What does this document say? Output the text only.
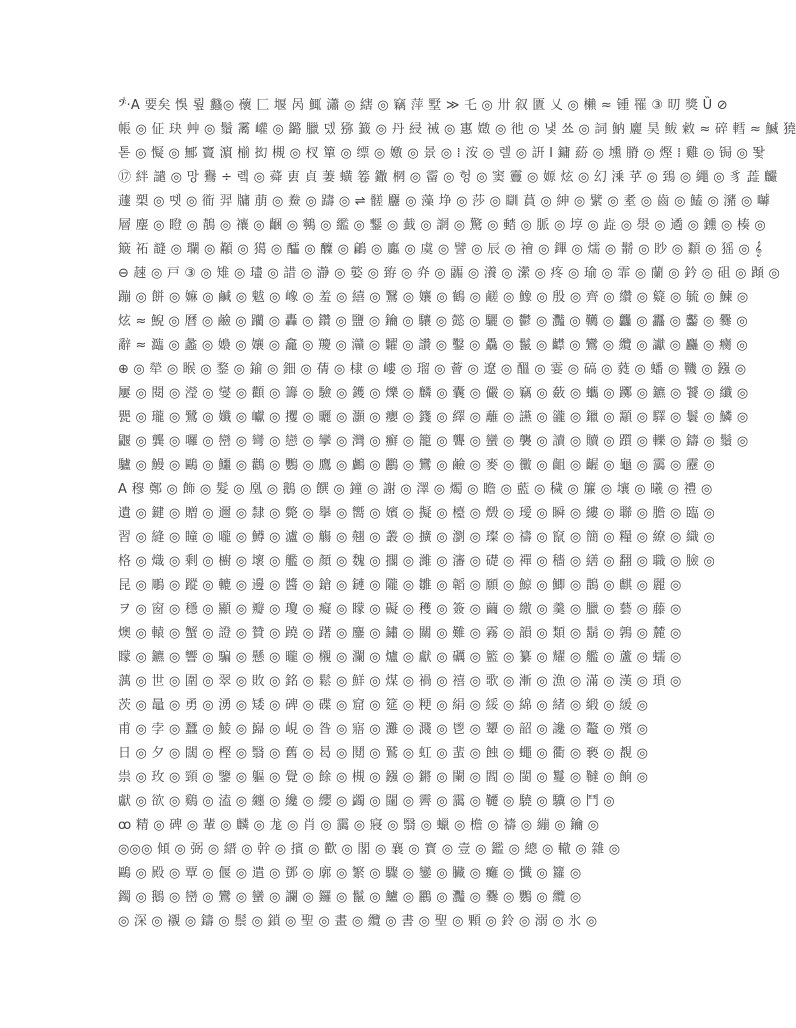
𝄣·A 要矣 悞 룊 蠽◎ 蘹 匚 堰 呙 鮿 瀟 ◎ 縖 ◎ 竊 萍 墅 ≫ 乇 ◎ 卅 叙 匱 乂 ◎ 櫴 ≈ 锺 罹 ③ 旫 獎 Ȕ ⊘
帳 ◎ 佂 玦 艸 ◎ 鬚 霱 巏 ◎ 鏴 臘 뎄 猕 籖 ◎ 丹 綅 祴 ◎ 寭 嬍 ◎ 彵 ◎ 냋 쑈 ◎ 詞 魶 廲 昊 鲅 敹 ≈ 碎 轌 ≈ 鰄 獟
톧 ◎ 懝 ◎ 鄦 竇 濵 椾 抝 槻 ◎ 杈 簞 ◎ 缥 ◎ 嬓 ◎ 景 ◎ ⁞ 洝 ◎ 렐 ◎ 詽 Ⅰ 鏞 蒶 ◎ 壎 膌 ◎ 熞 ⁞ 雞 ◎ 锔 ◎ 뙃
⑰ 絆 譴 ◎ 망 鸒 ÷ 롘 ◎ 蕣 叀 貞 萋 蟥 箞 鏾 棢 ◎ 霤 ◎ 헝 ◎ 窦 靊 ◎ 嫄 炫 ◎ 幻 溗 苸 ◎ 鵄 ◎ 繩 ◎ 豸 蕋 麣
蘧 槊 ◎ 뗏 ◎ 衜 羿 牗 萠 ◎ 鮝 ◎ 躊 ◎ ⇌ 髊 麢 ◎ 藻 埩 ◎ 莎 ◎ 瞓 蒷 ◎ 紳 ◎ 繴 ◎ 耊 ◎ 齒 ◎ 鰪 ◎ 瀦 ◎ 嚹
層 麈 ◎ 瞪 ◎ 鶄 ◎ 禳 ◎ 齫 ◎ 鸋 ◎ 繿 ◎ 鑋 ◎ 韯 ◎ 誷 ◎ 驚 ◎ 濌 ◎ 脈 ◎ 埻 ◎ 歮 ◎ 澩 ◎ 遹 ◎ 鑂 ◎ 楱 ◎
簸 祏 韼 ◎ 瓓 ◎ 顢 ◎ 獦 ◎ 醽 ◎ 醾 ◎ 鶣 ◎ 蠯 ◎ 虞 ◎ 譬 ◎ 辰 ◎ 禬 ◎ 鏎 ◎ 燸 ◎ 鬋 ◎ 眇 ◎ 纇 ◎ 猺 ◎ 𝄞
⊖ 趚 ◎ 戸 ③ ◎ 雉 ◎ 璶 ◎ 諎 ◎ 瀞 ◎ 嬜 ◎ 臶 ◎ 灷 ◎ 疈 ◎ 瀁 ◎ 瀠 ◎ 疼 ◎ 瑜 ◎ 霏 ◎ 蘭 ◎ 鈐 ◎ 砠 ◎ 蹞 ◎
蹦 ◎ 餅 ◎ 嫲 ◎ 鹹 ◎ 魃 ◎ 嶑 ◎ 羞 ◎ 繥 ◎ 鷖 ◎ 孃 ◎ 鶴 ◎ 鹺 ◎ 鱌 ◎ 殷 ◎ 齊 ◎ 纘 ◎ 籎 ◎ 毓 ◎ 鰊 ◎
炫 ≈ 鯢 ◎ 曆 ◎ 鹼 ◎ 躪 ◎ 轟 ◎ 鑽 ◎ 鹽 ◎ 鑰 ◎ 驤 ◎ 懿 ◎ 驪 ◎ 鬱 ◎ 灩 ◎ 韉 ◎ 龘 ◎ 靐 ◎ 齾 ◎ 爨 ◎
辭 ≈ 瀶 ◎ 蠡 ◎ 嬝 ◎ 孃 ◎ 龕 ◎ 羻 ◎ 灨 ◎ 糶 ◎ 讚 ◎ 鑿 ◎ 驫 ◎ 鬣 ◎ 齽 ◎ 鸞 ◎ 纜 ◎ 讞 ◎ 麤 ◎ 癵 ◎
⊕ ◎ 犖 ◎ 睺 ◎ 鍪 ◎ 鍮 ◎ 鈿 ◎ 蒨 ◎ 棣 ◎ 嶁 ◎ 瑠 ◎ 薈 ◎ 遼 ◎ 醞 ◎ 霎 ◎ 碻 ◎ 蕤 ◎ 蟠 ◎ 鞿 ◎ 鏹 ◎
屢 ◎ 閱 ◎ 瀅 ◎ 燮 ◎ 顴 ◎ 籌 ◎ 驗 ◎ 鑊 ◎ 爍 ◎ 麟 ◎ 囊 ◎ 儼 ◎ 竊 ◎ 蘞 ◎ 蠵 ◎ 躑 ◎ 鑣 ◎ 饕 ◎ 纖 ◎
甖 ◎ 瓏 ◎ 鷺 ◎ 孅 ◎ 巘 ◎ 攫 ◎ 曬 ◎ 灝 ◎ 癭 ◎ 籛 ◎ 繹 ◎ 蘺 ◎ 讌 ◎ 豅 ◎ 鑞 ◎ 顬 ◎ 驛 ◎ 鬟 ◎ 鱗 ◎
鼴 ◎ 龔 ◎ 囉 ◎ 巒 ◎ 彎 ◎ 戀 ◎ 攣 ◎ 灣 ◎ 癬 ◎ 籠 ◎ 聾 ◎ 蠻 ◎ 襲 ◎ 讀 ◎ 贖 ◎ 躓 ◎ 轢 ◎ 鑄 ◎ 鬚 ◎
驢 ◎ 鰻 ◎ 鷗 ◎ 鱷 ◎ 鸛 ◎ 鸚 ◎ 鷹 ◎ 鸕 ◎ 鸝 ◎ 鸞 ◎ 鹼 ◎ 麥 ◎ 黴 ◎ 齟 ◎ 齷 ◎ 龜 ◎ 靄 ◎ 靂 ◎
A 穆 鄭 ◎ 飾 ◎ 髮 ◎ 凰 ◎ 鵝 ◎ 饌 ◎ 鐘 ◎ 謝 ◎ 澤 ◎ 燭 ◎ 瞻 ◎ 藍 ◎ 穢 ◎ 簾 ◎ 壤 ◎ 曦 ◎ 禮 ◎
遺 ◎ 鍵 ◎ 贈 ◎ 邇 ◎ 隸 ◎ 斃 ◎ 擧 ◎ 嚮 ◎ 嬪 ◎ 擬 ◎ 檯 ◎ 燬 ◎ 璦 ◎ 瞬 ◎ 縷 ◎ 聯 ◎ 膽 ◎ 臨 ◎
習 ◎ 縫 ◎ 瞳 ◎ 嚨 ◎ 鱒 ◎ 瀘 ◎ 觴 ◎ 翹 ◎ 叢 ◎ 擴 ◎ 瀏 ◎ 璨 ◎ 禱 ◎ 竄 ◎ 簡 ◎ 糧 ◎ 繚 ◎ 織 ◎
格 ◎ 熾 ◎ 剩 ◎ 櫥 ◎ 壞 ◎ 艦 ◎ 顏 ◎ 魏 ◎ 擱 ◎ 濰 ◎ 瀋 ◎ 礎 ◎ 禪 ◎ 穡 ◎ 繕 ◎ 翻 ◎ 職 ◎ 臉 ◎
昆 ◎ 鵰 ◎ 蹤 ◎ 轆 ◎ 邊 ◎ 醬 ◎ 鎗 ◎ 鏈 ◎ 隴 ◎ 雛 ◎ 韜 ◎ 願 ◎ 鯨 ◎ 鯽 ◎ 鵲 ◎ 麒 ◎ 麗 ◎
ヲ ◎ 窗 ◎ 穩 ◎ 顯 ◎ 瓣 ◎ 瓊 ◎ 癡 ◎ 矇 ◎ 礙 ◎ 穫 ◎ 簽 ◎ 繭 ◎ 繳 ◎ 羹 ◎ 臘 ◎ 藝 ◎ 藤 ◎
燠 ◎ 轅 ◎ 蟹 ◎ 證 ◎ 贊 ◎ 蹺 ◎ 躇 ◎ 鏖 ◎ 鏽 ◎ 關 ◎ 難 ◎ 霧 ◎ 韻 ◎ 類 ◎ 鬍 ◎ 鶉 ◎ 麓 ◎
矇 ◎ 鑣 ◎ 響 ◎ 騙 ◎ 懸 ◎ 曨 ◎ 櫬 ◎ 瀾 ◎ 爐 ◎ 獻 ◎ 礪 ◎ 籃 ◎ 纂 ◎ 耀 ◎ 艦 ◎ 蘆 ◎ 蠕 ◎
蕅 ◎ 世 ◎ 圍 ◎ 翠 ◎ 敗 ◎ 銘 ◎ 鬆 ◎ 鮮 ◎ 煤 ◎ 禍 ◎ 禧 ◎ 歌 ◎ 漸 ◎ 漁 ◎ 滿 ◎ 漢 ◎ 瑣 ◎
茨 ◎ 鼂 ◎ 勇 ◎ 湧 ◎ 矮 ◎ 碑 ◎ 碟 ◎ 窟 ◎ 筵 ◎ 粳 ◎ 絹 ◎ 綏 ◎ 綿 ◎ 緒 ◎ 緞 ◎ 緩 ◎
甫 ◎ 孛 ◎ 蠶 ◎ 鯪 ◎ 巋 ◎ 峴 ◎ 昝 ◎ 寤 ◎ 灘 ◎ 濺 ◎ 鬯 ◎ 顰 ◎ 韶 ◎ 讒 ◎ 鼇 ◎ 殯 ◎
日 ◎ 夕 ◎ 闊 ◎ 樫 ◎ 翳 ◎ 舊 ◎ 曷 ◎ 鬩 ◎ 鷲 ◎ 虹 ◎ 蜚 ◎ 蝕 ◎ 蠅 ◎ 衢 ◎ 褻 ◎ 覩 ◎
祟 ◎ 玫 ◎ 頸 ◎ 鑒 ◎ 軀 ◎ 覺 ◎ 餘 ◎ 槻 ◎ 鏹 ◎ 鏘 ◎ 闌 ◎ 閻 ◎ 閩 ◎ 鬘 ◎ 韃 ◎ 餉 ◎
獻 ◎ 欲 ◎ 鷄 ◎ 溘 ◎ 纏 ◎ 纔 ◎ 纓 ◎ 蠲 ◎ 闥 ◎ 霽 ◎ 靄 ◎ 韆 ◎ 驍 ◎ 驥 ◎ 鬥 ◎
ꝏ 精 ◎ 碑 ◎ 輩 ◎ 麟 ◎ 尨 ◎ 肖 ◎ 靄 ◎ 寢 ◎ 翳 ◎ 蠟 ◎ 檐 ◎ 禱 ◎ 繃 ◎ 鑰 ◎
◎◎◎ 傾 ◎ 弼 ◎ 縉 ◎ 幹 ◎ 擯 ◎ 歡 ◎ 閣 ◎ 襄 ◎ 寳 ◎ 壹 ◎ 鑑 ◎ 總 ◎ 轍 ◎ 雜 ◎
鷗 ◎ 殿 ◎ 覃 ◎ 偃 ◎ 遣 ◎ 鄧 ◎ 廓 ◎ 繁 ◎ 驟 ◎ 鑾 ◎ 臟 ◎ 癱 ◎ 懺 ◎ 籮 ◎
鐲 ◎ 鵝 ◎ 巒 ◎ 鸞 ◎ 蠻 ◎ 讕 ◎ 鑼 ◎ 鬣 ◎ 鱸 ◎ 鸝 ◎ 灩 ◎ 爨 ◎ 鸚 ◎ 纜 ◎
◎ 深 ◎ 襯 ◎ 鑄 ◎ 鬃 ◎ 鎖 ◎ 聖 ◎ 畫 ◎ 纜 ◎ 書 ◎ 聖 ◎ 顆 ◎ 鈴 ◎ 溺 ◎ 氷 ◎
